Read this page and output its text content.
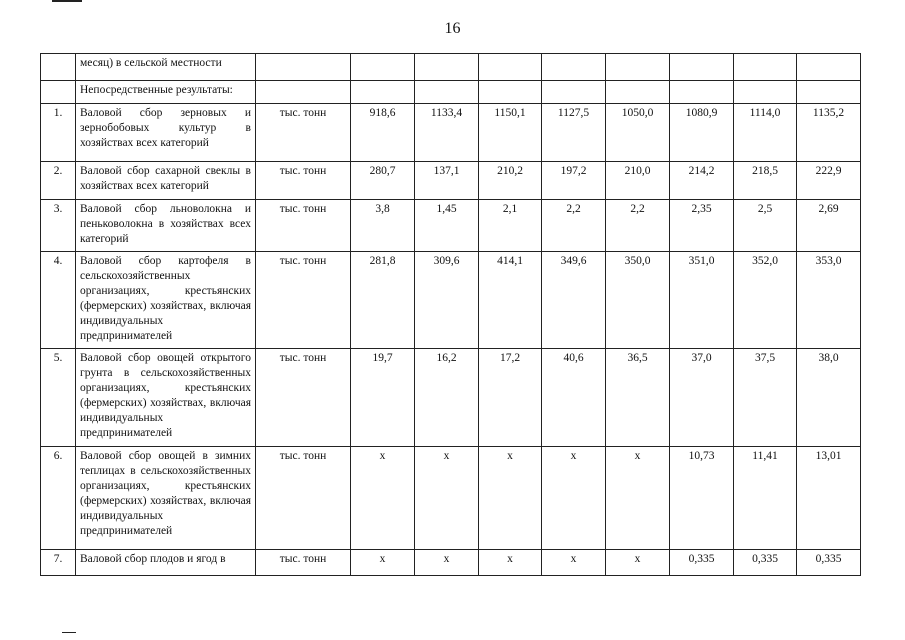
16
	месяц) в сельской местности									
	Непосредственные результаты:									
1.	Валовой сбор зерновых и зернобобовых культур в хозяйствах всех категорий	тыс. тонн	918,6	1133,4	1150,1	1127,5	1050,0	1080,9	1114,0	1135,2
2.	Валовой сбор сахарной свеклы в хозяйствах всех категорий	тыс. тонн	280,7	137,1	210,2	197,2	210,0	214,2	218,5	222,9
3.	Валовой сбор льноволокна и пеньковолокна в хозяйствах всех категорий	тыс. тонн	3,8	1,45	2,1	2,2	2,2	2,35	2,5	2,69
4.	Валовой сбор картофеля в сельскохозяйственных организациях, крестьянских (фермерских) хозяйствах, включая индивидуальных предпринимателей	тыс. тонн	281,8	309,6	414,1	349,6	350,0	351,0	352,0	353,0
5.	Валовой сбор овощей открытого грунта в сельскохозяйственных организациях, крестьянских (фермерских) хозяйствах, включая индивидуальных предпринимателей	тыс. тонн	19,7	16,2	17,2	40,6	36,5	37,0	37,5	38,0
6.	Валовой сбор овощей в зимних теплицах в сельскохозяйственных организациях, крестьянских (фермерских) хозяйствах, включая индивидуальных предпринимателей	тыс. тонн	х	х	х	х	х	10,73	11,41	13,01
7.	Валовой сбор плодов и ягод в	тыс. тонн	х	х	х	х	х	0,335	0,335	0,335
